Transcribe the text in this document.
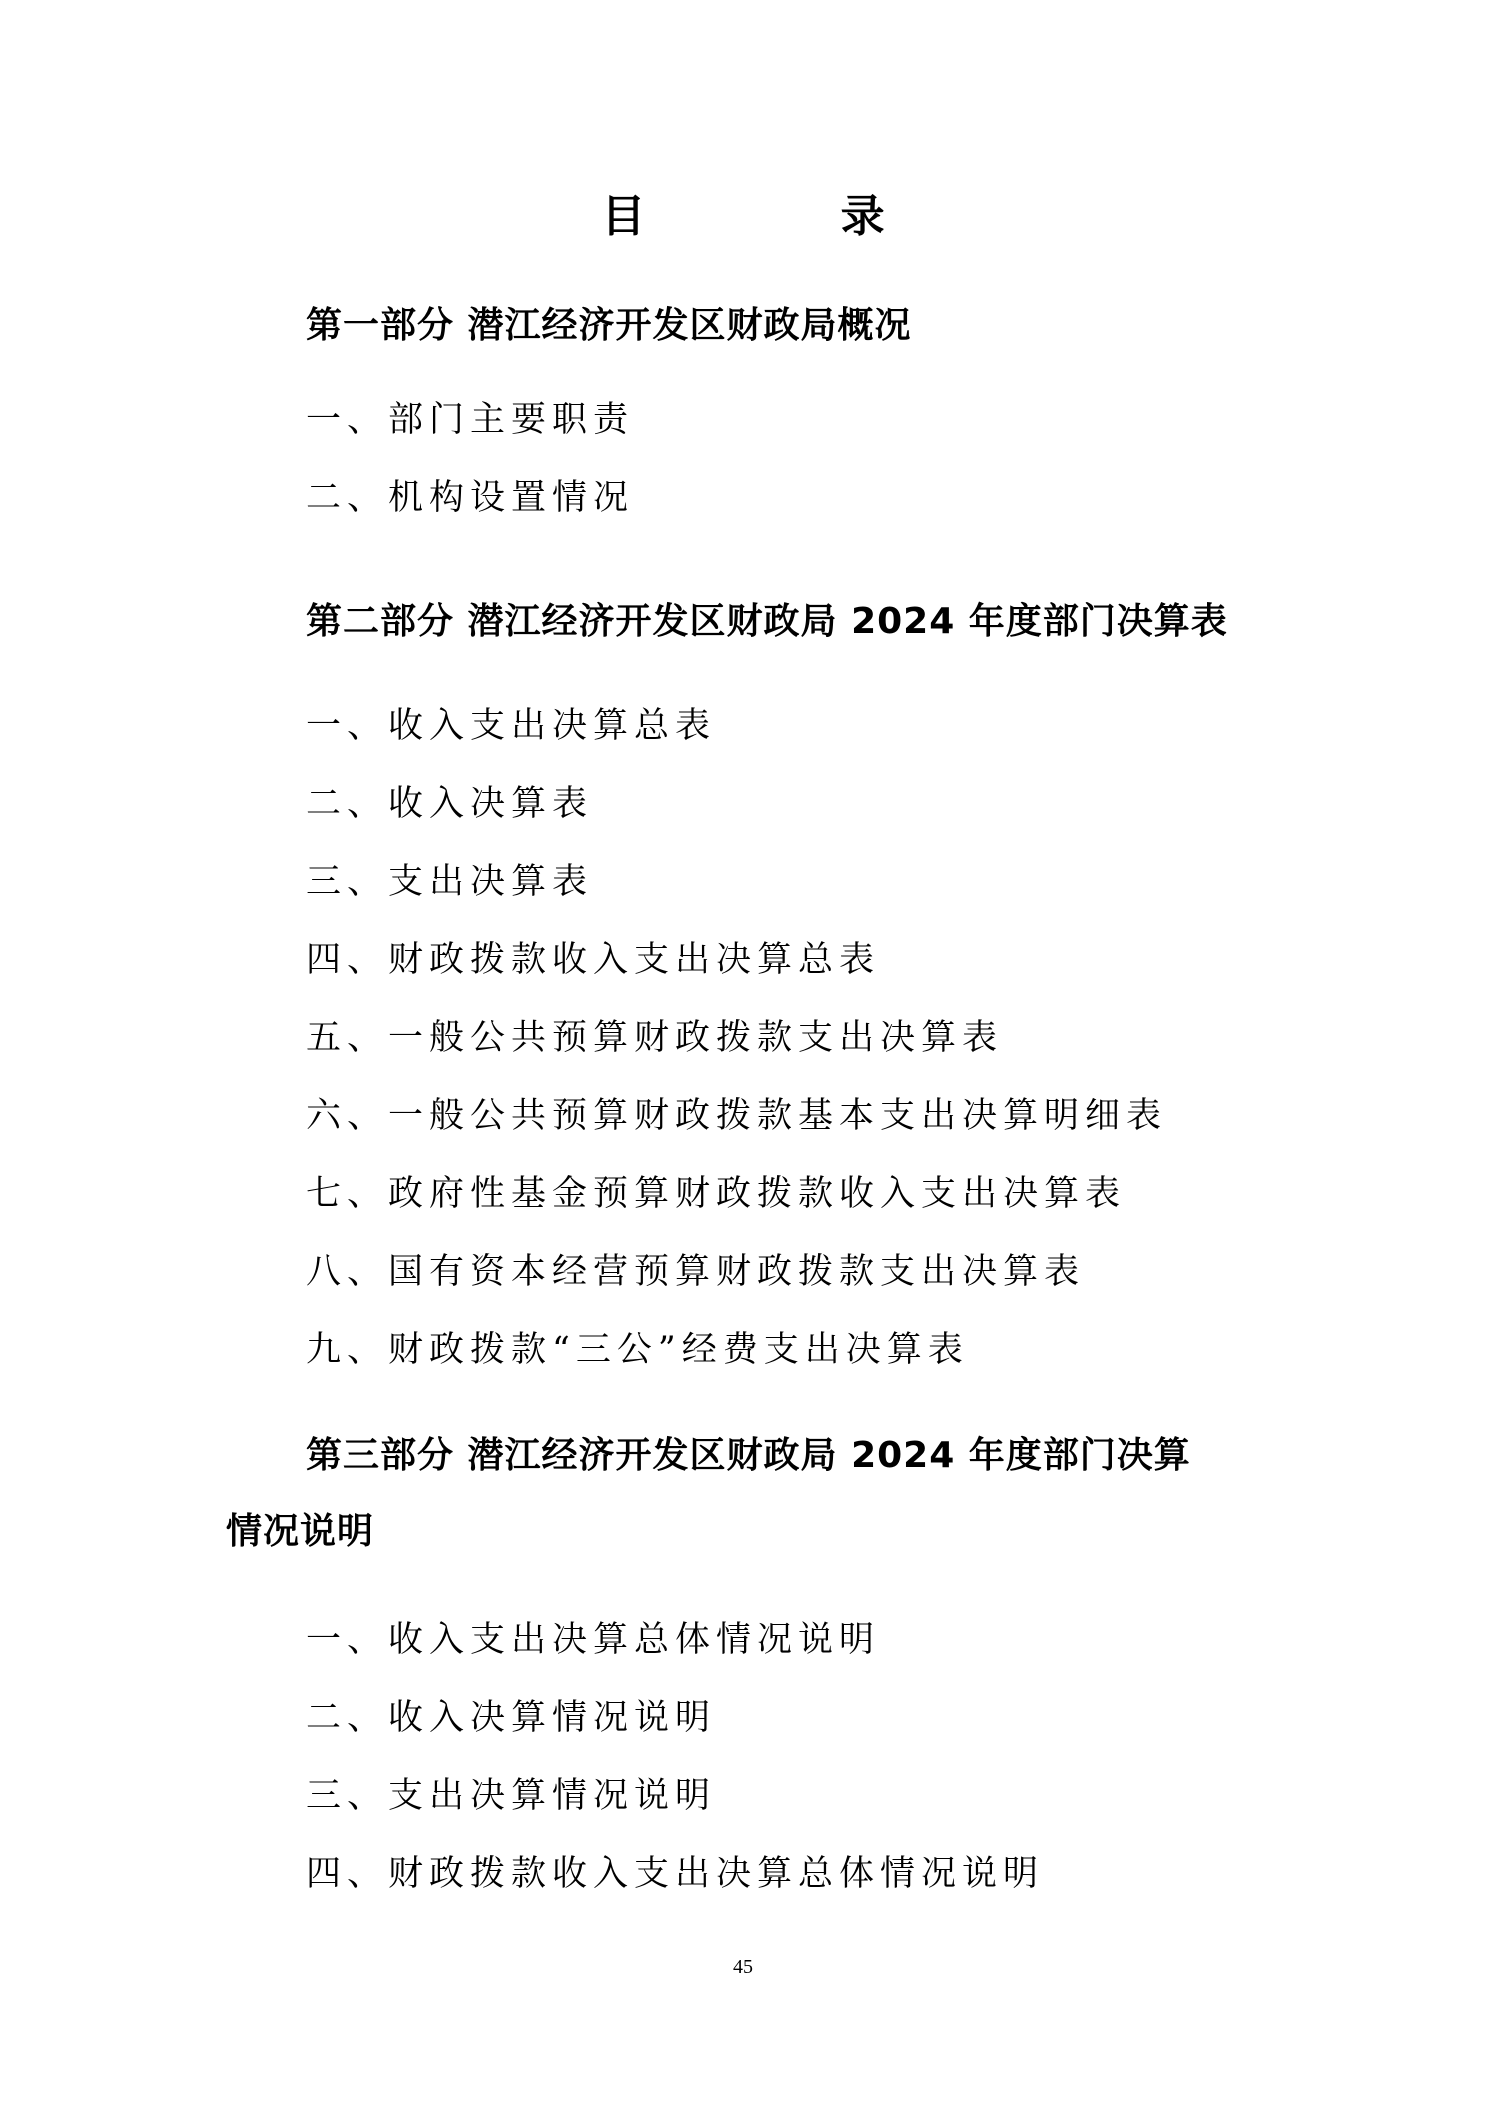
目 录
第一部分 潜江经济开发区财政局概况
一、部门主要职责
二、机构设置情况
第二部分 潜江经济开发区财政局 2024 年度部门决算表
一、收入支出决算总表
二、收入决算表
三、支出决算表
四、财政拨款收入支出决算总表
五、一般公共预算财政拨款支出决算表
六、一般公共预算财政拨款基本支出决算明细表
七、政府性基金预算财政拨款收入支出决算表
八、国有资本经营预算财政拨款支出决算表
九、财政拨款“三公”经费支出决算表
第三部分 潜江经济开发区财政局 2024 年度部门决算
情况说明
一、收入支出决算总体情况说明
二、收入决算情况说明
三、支出决算情况说明
四、财政拨款收入支出决算总体情况说明
45
